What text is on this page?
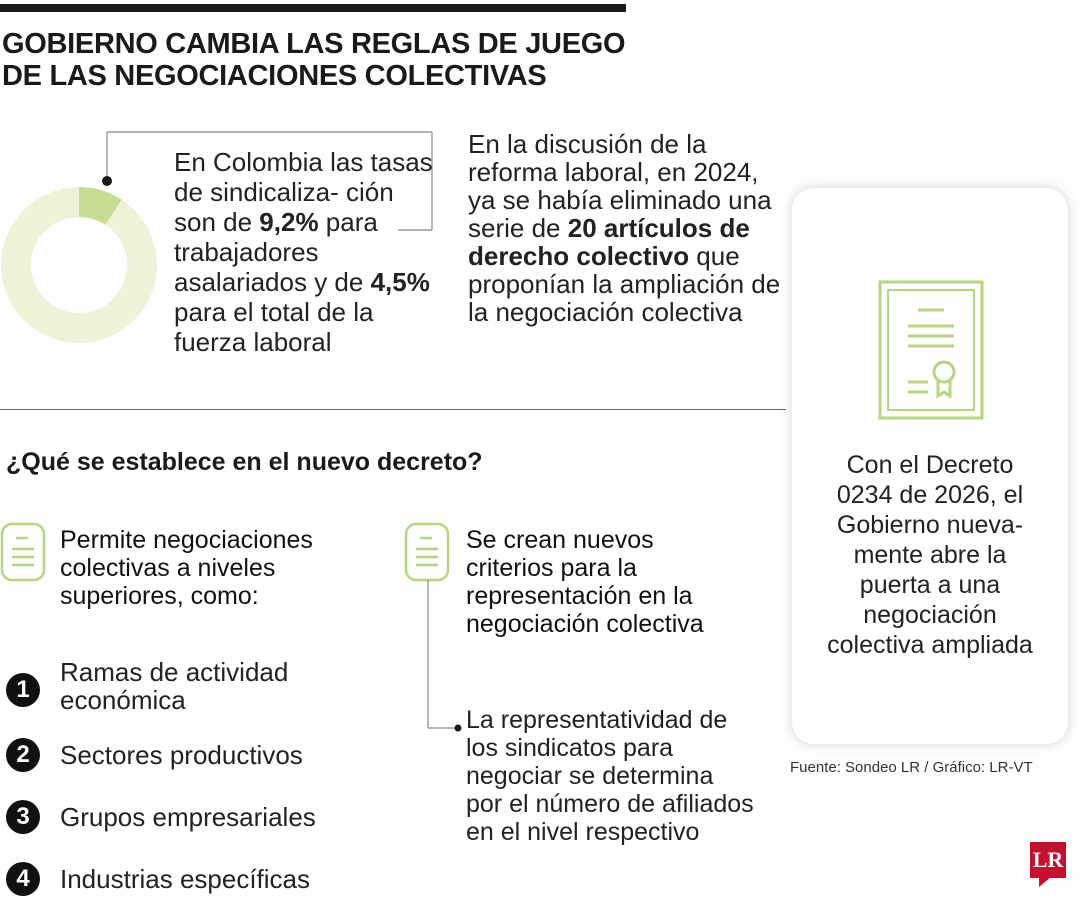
GOBIERNO CAMBIA LAS REGLAS DE JUEGO
DE LAS NEGOCIACIONES COLECTIVAS
En Colombia las tasas de sindicaliza- ción son de 9,2% para trabajadores asalariados y de 4,5% para el total de la fuerza laboral
En la discusión de la reforma laboral, en 2024, ya se había eliminado una serie de 20 artículos de derecho colectivo que proponían la ampliación de la negociación colectiva
¿Qué se establece en el nuevo decreto?
Permite negociaciones colectivas a niveles superiores, como:
1
Ramas de actividad
económica
2	Sectores productivos
3	Grupos empresariales
4	Industrias específicas
Se crean nuevos criterios para la representación en la negociación colectiva
La representatividad de los sindicatos para negociar se determina por el número de afiliados en el nivel respectivo
Con el Decreto
0234 de 2026, el
Gobierno nueva-
mente abre la
puerta a una
negociación
colectiva ampliada
Fuente: Sondeo LR / Gráfico: LR-VT
LR
